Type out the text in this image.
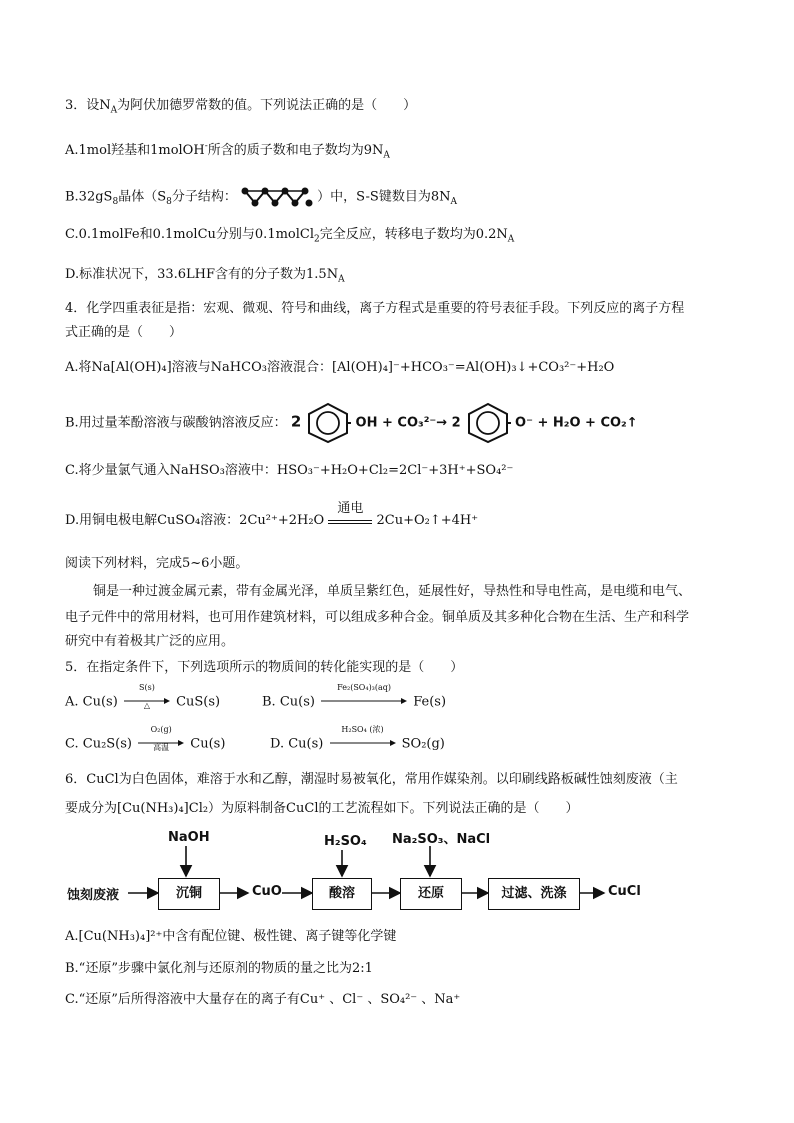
3．设$N_A$为阿伏加德罗常数的值。下列说法正确的是（　　）
A.1mol羟基和1molOH-所含的质子数和电子数均为$9N_A$
$B.32gS_8$晶体（$S_8$分子结构：	）中，S-S键数目为$8N_A$
C.0.1molFe和0.1molCu分别与0.1molCl$_2$完全反应，转移电子数均为$0.2N_A$
D.标准状况下，33.6LHF含有的分子数为$1.5N_A$
4．化学四重表征是指：宏观、微观、符号和曲线，离子方程式是重要的符号表征手段。下列反应的离子方程
式正确的是（　　）
A.将Na[Al(OH)₄]溶液与NaHCO₃溶液混合：[Al(OH)₄]⁻+HCO₃⁻=Al(OH)₃↓+CO₃²⁻+H₂O
B.用过量苯酚溶液与碳酸钠溶液反应： 2	OH + CO₃²⁻→ 2	O⁻ + H₂O + CO₂↑
C.将少量氯气通入NaHSO₃溶液中：HSO₃⁻+H₂O+Cl₂=2Cl⁻+3H⁺+SO₄²⁻
D.用铜电极电解CuSO₄溶液：2Cu²⁺+2H₂O
通电
2Cu+O₂↑+4H⁺
阅读下列材料，完成5~6小题。
铜是一种过渡金属元素，带有金属光泽，单质呈紫红色，延展性好，导热性和导电性高，是电缆和电气、
电子元件中的常用材料，也可用作建筑材料，可以组成多种合金。铜单质及其多种化合物在生活、生产和科学
研究中有着极其广泛的应用。
5．在指定条件下，下列选项所示的物质间的转化能实现的是（　　）
A. Cu(s)
S(s)
△	CuS(s)	B. Cu(s)
Fe₂(SO₄)₃(aq)
Fe(s)
C. Cu₂S(s)
O₂(g)
高温	Cu(s)	D. Cu(s)
H₂SO₄ (浓)
SO₂(g)
6．CuCl为白色固体，难溶于水和乙醇，潮湿时易被氧化，常用作媒染剂。以印刷线路板碱性蚀刻废液（主
要成分为[Cu(NH₃)₄]Cl₂）为原料制备CuCl的工艺流程如下。下列说法正确的是（　　）
蚀刻废液
NaOH
沉铜	CuO
H₂SO₄
酸溶
Na₂SO₃、NaCl
还原	过滤、洗涤	CuCl
A.[Cu(NH₃)₄]²⁺中含有配位键、极性键、离子键等化学键
B.“还原”步骤中氯化剂与还原剂的物质的量之比为2:1
C.“还原”后所得溶液中大量存在的离子有Cu⁺ 、Cl⁻ 、SO₄²⁻ 、Na⁺
